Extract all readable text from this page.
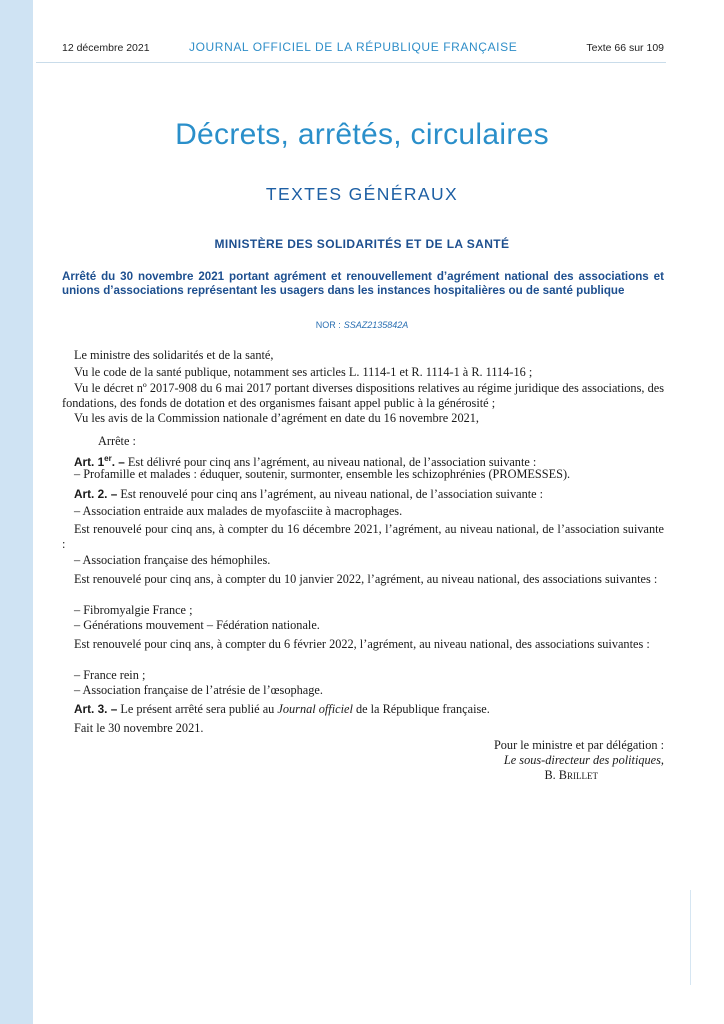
12 décembre 2021	JOURNAL OFFICIEL DE LA RÉPUBLIQUE FRANÇAISE	Texte 66 sur 109
Décrets, arrêtés, circulaires
TEXTES GÉNÉRAUX
MINISTÈRE DES SOLIDARITÉS ET DE LA SANTÉ
Arrêté du 30 novembre 2021 portant agrément et renouvellement d’agrément national des associations et unions d’associations représentant les usagers dans les instances hospitalières ou de santé publique
NOR : SSAZ2135842A
Le ministre des solidarités et de la santé,
Vu le code de la santé publique, notamment ses articles L. 1114-1 et R. 1114-1 à R. 1114-16 ;
Vu le décret nº 2017-908 du 6 mai 2017 portant diverses dispositions relatives au régime juridique des associations, des fondations, des fonds de dotation et des organismes faisant appel public à la générosité ;
Vu les avis de la Commission nationale d’agrément en date du 16 novembre 2021,
Arrête :
Art. 1er. – Est délivré pour cinq ans l’agrément, au niveau national, de l’association suivante :
– Profamille et malades : éduquer, soutenir, surmonter, ensemble les schizophrénies (PROMESSES).
Art. 2. – Est renouvelé pour cinq ans l’agrément, au niveau national, de l’association suivante :
– Association entraide aux malades de myofasciite à macrophages.
Est renouvelé pour cinq ans, à compter du 16 décembre 2021, l’agrément, au niveau national, de l’association suivante :
– Association française des hémophiles.
Est renouvelé pour cinq ans, à compter du 10 janvier 2022, l’agrément, au niveau national, des associations suivantes :
– Fibromyalgie France ;
– Générations mouvement – Fédération nationale.
Est renouvelé pour cinq ans, à compter du 6 février 2022, l’agrément, au niveau national, des associations suivantes :
– France rein ;
– Association française de l’atrésie de l’œsophage.
Art. 3. – Le présent arrêté sera publié au Journal officiel de la République française.
Fait le 30 novembre 2021.
Pour le ministre et par délégation :
Le sous-directeur des politiques,
B. Brillet
